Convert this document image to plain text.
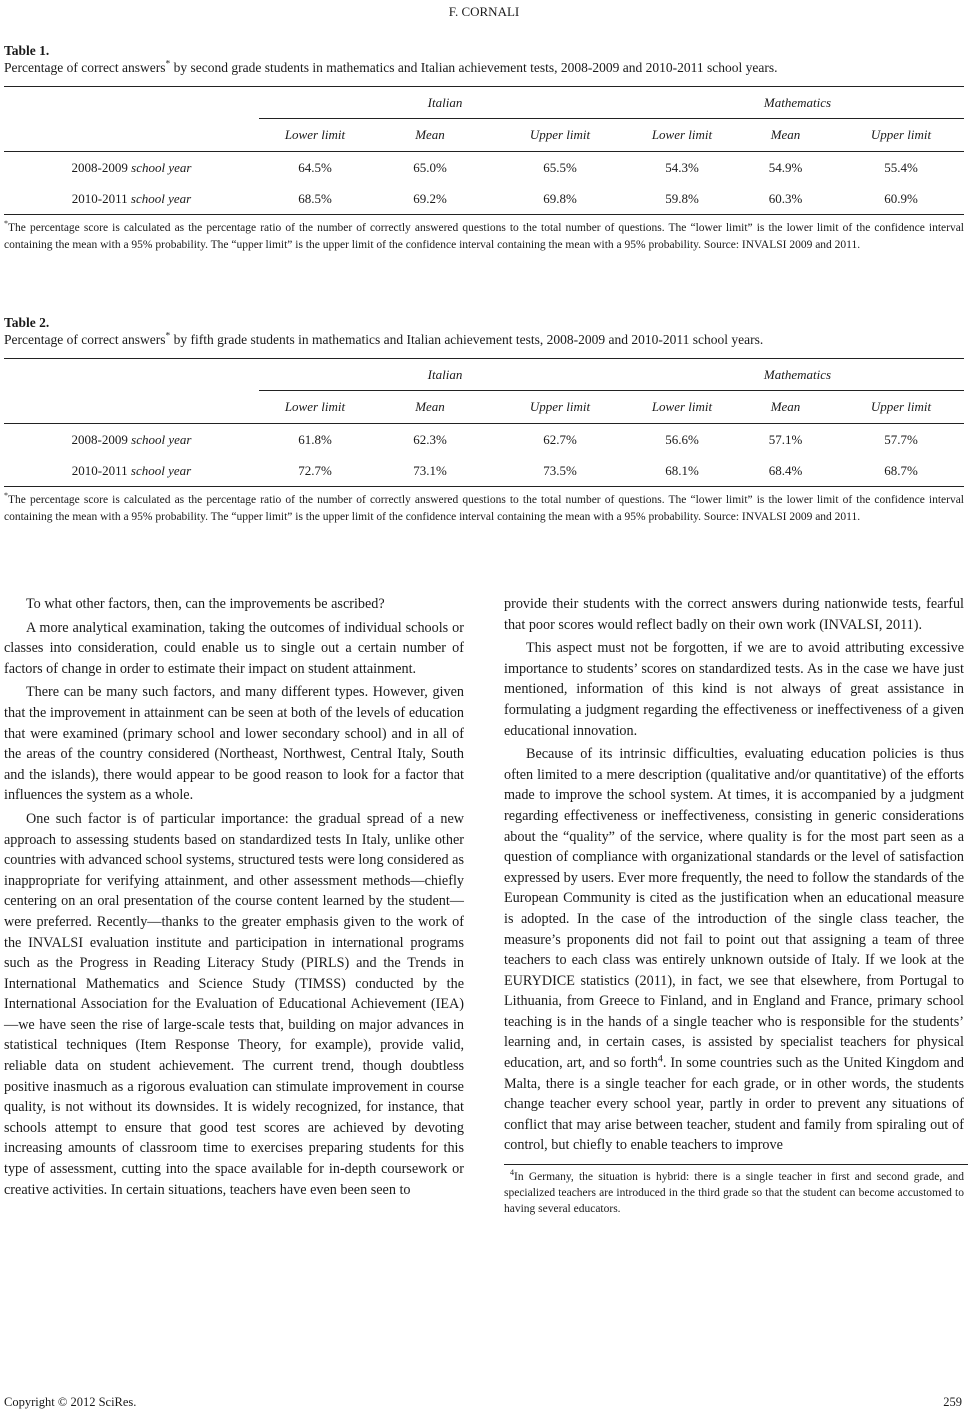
F. CORNALI
Table 1.
Percentage of correct answers* by second grade students in mathematics and Italian achievement tests, 2008-2009 and 2010-2011 school years.
	Italian			Mathematics		
	Lower limit	Mean	Upper limit	Lower limit	Mean	Upper limit
2008-2009 school year	64.5%	65.0%	65.5%	54.3%	54.9%	55.4%
2010-2011 school year	68.5%	69.2%	69.8%	59.8%	60.3%	60.9%
*The percentage score is calculated as the percentage ratio of the number of correctly answered questions to the total number of questions. The “lower limit” is the lower limit of the confidence interval containing the mean with a 95% probability. The “upper limit” is the upper limit of the confidence interval containing the mean with a 95% probability. Source: INVALSI 2009 and 2011.
Table 2.
Percentage of correct answers* by fifth grade students in mathematics and Italian achievement tests, 2008-2009 and 2010-2011 school years.
	Italian			Mathematics		
	Lower limit	Mean	Upper limit	Lower limit	Mean	Upper limit
2008-2009 school year	61.8%	62.3%	62.7%	56.6%	57.1%	57.7%
2010-2011 school year	72.7%	73.1%	73.5%	68.1%	68.4%	68.7%
*The percentage score is calculated as the percentage ratio of the number of correctly answered questions to the total number of questions. The “lower limit” is the lower limit of the confidence interval containing the mean with a 95% probability. The “upper limit” is the upper limit of the confidence interval containing the mean with a 95% probability. Source: INVALSI 2009 and 2011.

To what other factors, then, can the improvements be ascribed?

A more analytical examination, taking the outcomes of individual schools or classes into consideration, could enable us to single out a certain number of factors of change in order to estimate their impact on student attainment.

There can be many such factors, and many different types. However, given that the improvement in attainment can be seen at both of the levels of education that were examined (primary school and lower secondary school) and in all of the areas of the country considered (Northeast, Northwest, Central Italy, South and the islands), there would appear to be good reason to look for a factor that influences the system as a whole.

One such factor is of particular importance: the gradual spread of a new approach to assessing students based on standardized tests In Italy, unlike other countries with advanced school systems, structured tests were long considered as inappropriate for verifying attainment, and other assessment methods—chiefly centering on an oral presentation of the course content learned by the student—were preferred. Recently—thanks to the greater emphasis given to the work of the INVALSI evaluation institute and participation in international programs such as the Progress in Reading Literacy Study (PIRLS) and the Trends in International Mathematics and Science Study (TIMSS) conducted by the International Association for the Evaluation of Educational Achievement (IEA)—we have seen the rise of large-scale tests that, building on major advances in statistical techniques (Item Response Theory, for example), provide valid, reliable data on student achievement. The current trend, though doubtless positive inasmuch as a rigorous evaluation can stimulate improvement in course quality, is not without its downsides. It is widely recognized, for instance, that schools attempt to ensure that good test scores are achieved by devoting increasing amounts of classroom time to exercises preparing students for this type of assessment, cutting into the space available for in-depth coursework or creative activities. In certain situations, teachers have even been seen to

provide their students with the correct answers during nationwide tests, fearful that poor scores would reflect badly on their own work (INVALSI, 2011).

This aspect must not be forgotten, if we are to avoid attributing excessive importance to students’ scores on standardized tests. As in the case we have just mentioned, information of this kind is not always of great assistance in formulating a judgment regarding the effectiveness or ineffectiveness of a given educational innovation.

Because of its intrinsic difficulties, evaluating education policies is thus often limited to a mere description (qualitative and/or quantitative) of the efforts made to improve the school system. At times, it is accompanied by a judgment regarding effectiveness or ineffectiveness, consisting in generic considerations about the “quality” of the service, where quality is for the most part seen as a question of compliance with organizational standards or the level of satisfaction expressed by users. Ever more frequently, the need to follow the standards of the European Community is cited as the justification when an educational measure is adopted. In the case of the introduction of the single class teacher, the measure’s proponents did not fail to point out that assigning a team of three teachers to each class was entirely unknown outside of Italy. If we look at the EURYDICE statistics (2011), in fact, we see that elsewhere, from Portugal to Lithuania, from Greece to Finland, and in England and France, primary school teaching is in the hands of a single teacher who is responsible for the students’ learning and, in certain cases, is assisted by specialist teachers for physical education, art, and so forth$^4$. In some countries such as the United Kingdom and Malta, there is a single teacher for each grade, or in other words, the students change teacher every school year, partly in order to prevent any situations of conflict that may arise between teacher, student and family from spiraling out of control, but chiefly to enable teachers to improve

$^4$In Germany, the situation is hybrid: there is a single teacher in first and second grade, and specialized teachers are introduced in the third grade so that the student can become accustomed to having several educators.
Copyright © 2012 SciRes.	259
